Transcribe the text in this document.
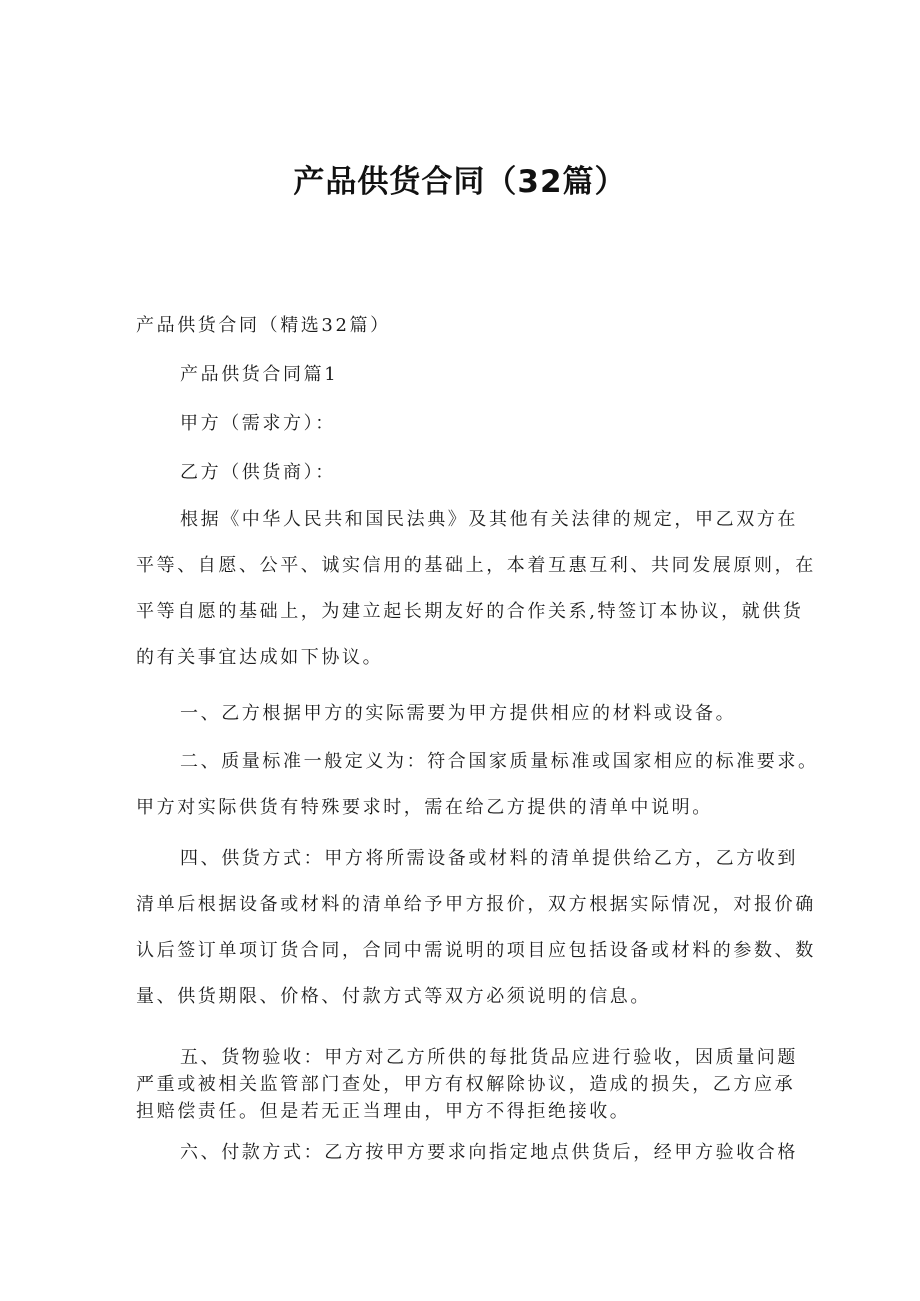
产品供货合同（32篇）

产品供货合同（精选32篇）

产品供货合同篇1

甲方（需求方）：

乙方（供货商）：

根据《中华人民共和国民法典》及其他有关法律的规定，甲乙双方在
平等、自愿、公平、诚实信用的基础上，本着互惠互利、共同发展原则，在
平等自愿的基础上，为建立起长期友好的合作关系,特签订本协议，就供货
的有关事宜达成如下协议。
一、乙方根据甲方的实际需要为甲方提供相应的材料或设备。
二、质量标准一般定义为：符合国家质量标准或国家相应的标准要求。
甲方对实际供货有特殊要求时，需在给乙方提供的清单中说明。
四、供货方式：甲方将所需设备或材料的清单提供给乙方，乙方收到
清单后根据设备或材料的清单给予甲方报价，双方根据实际情况，对报价确
认后签订单项订货合同，合同中需说明的项目应包括设备或材料的参数、数
量、供货期限、价格、付款方式等双方必须说明的信息。
五、货物验收：甲方对乙方所供的每批货品应进行验收，因质量问题
严重或被相关监管部门查处，甲方有权解除协议，造成的损失，乙方应承
担赔偿责任。但是若无正当理由，甲方不得拒绝接收。
六、付款方式：乙方按甲方要求向指定地点供货后，经甲方验收合格
